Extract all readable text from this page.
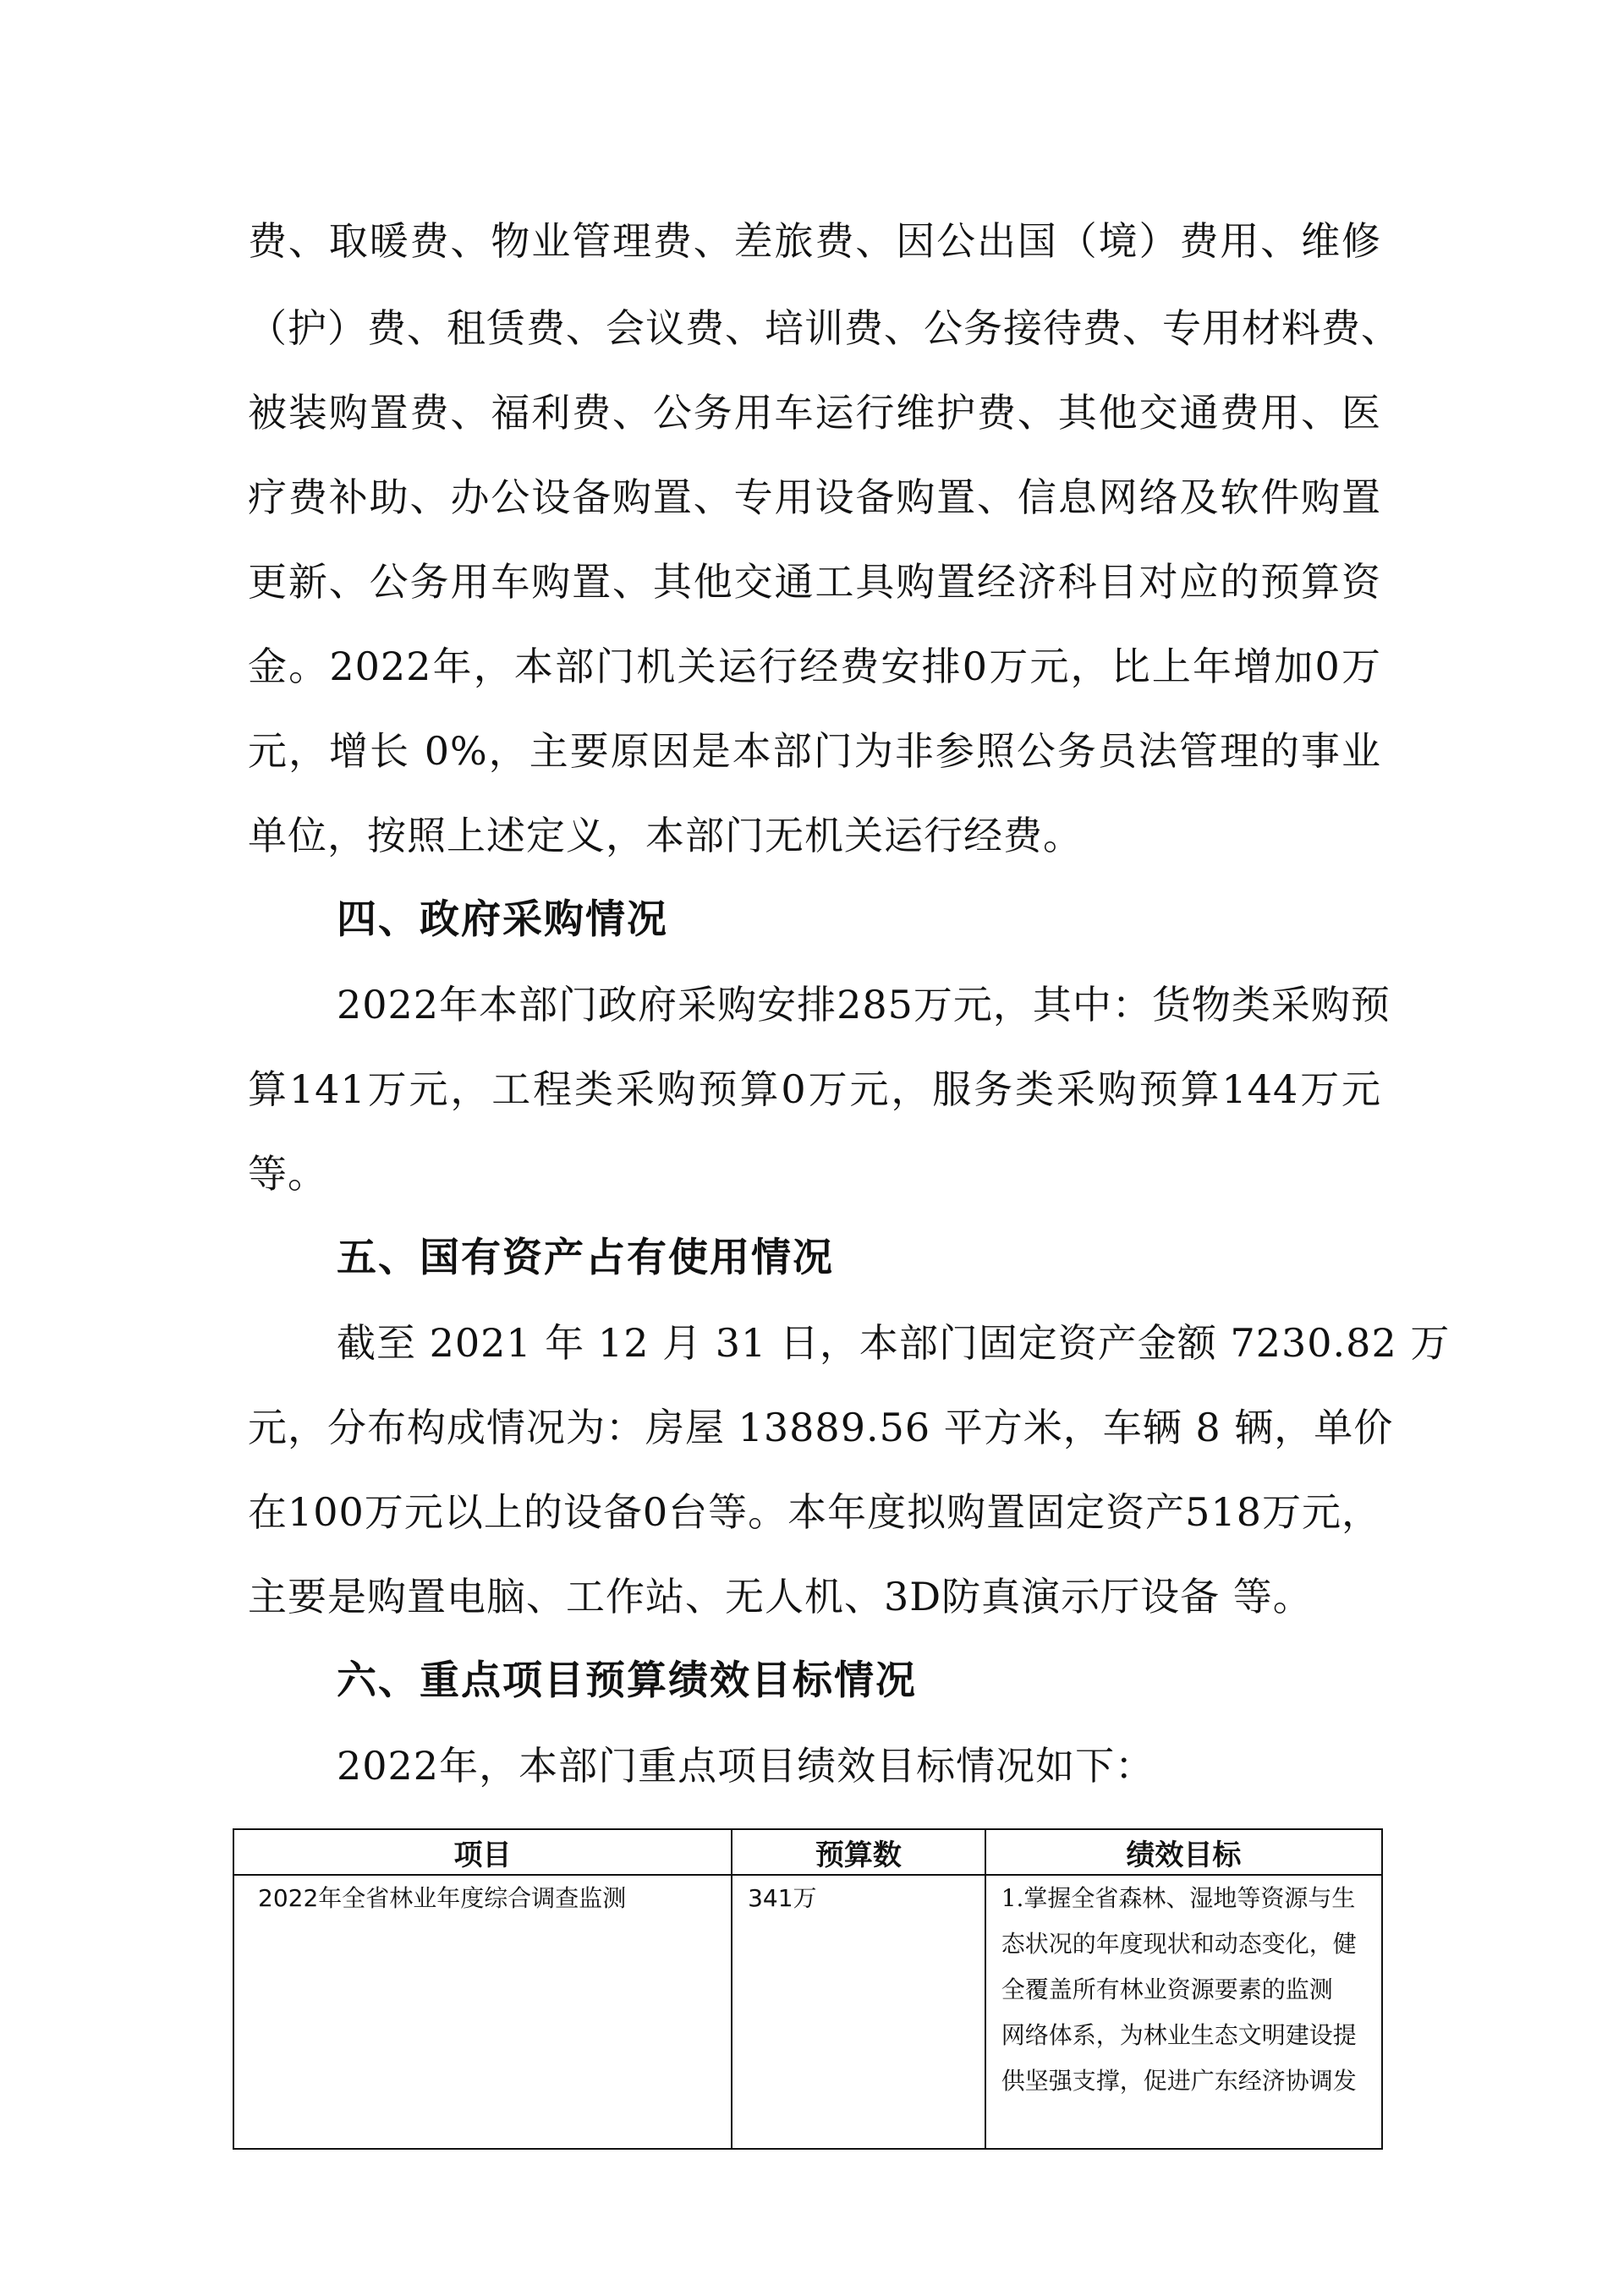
费、取暖费、物业管理费、差旅费、因公出国（境）费用、维修
（护）费、租赁费、会议费、培训费、公务接待费、专用材料费、
被装购置费、福利费、公务用车运行维护费、其他交通费用、医
疗费补助、办公设备购置、专用设备购置、信息网络及软件购置
更新、公务用车购置、其他交通工具购置经济科目对应的预算资
金。2022年，本部门机关运行经费安排0万元，比上年增加0万
元，增长 0%，主要原因是本部门为非参照公务员法管理的事业
单位，按照上述定义，本部门无机关运行经费。
四、政府采购情况
2022年本部门政府采购安排285万元，其中：货物类采购预
算141万元，工程类采购预算0万元，服务类采购预算144万元
等。
五、国有资产占有使用情况
截至 2021 年 12 月 31 日，本部门固定资产金额 7230.82 万
元，分布构成情况为：房屋 13889.56 平方米，车辆 8 辆，单价
在100万元以上的设备0台等。本年度拟购置固定资产518万元，
主要是购置电脑、工作站、无人机、3D防真演示厅设备 等。
六、重点项目预算绩效目标情况
2022年，本部门重点项目绩效目标情况如下：
项目	预算数	绩效目标
2022年全省林业年度综合调查监测	341万	1.掌握全省森林、湿地等资源与生
态状况的年度现状和动态变化，健
全覆盖所有林业资源要素的监测
网络体系，为林业生态文明建设提
供坚强支撑，促进广东经济协调发
